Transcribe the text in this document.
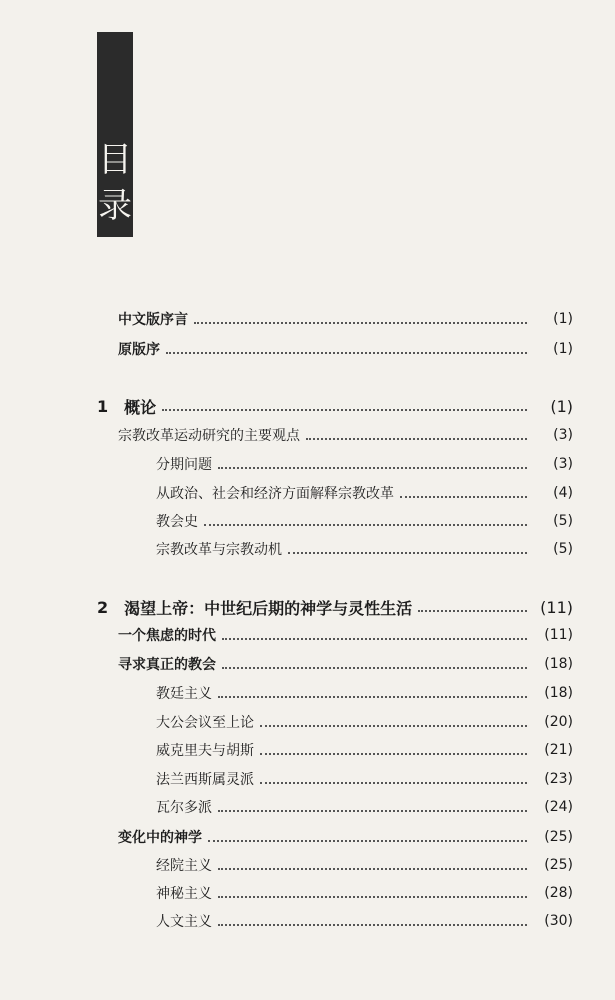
目
录
中文版序言	(1)
原版序	(1)
1 概论	(1)
宗教改革运动研究的主要观点	(3)
分期问题	(3)
从政治、社会和经济方面解释宗教改革	(4)
教会史	(5)
宗教改革与宗教动机	(5)
2 渴望上帝：中世纪后期的神学与灵性生活	(11)
一个焦虑的时代	(11)
寻求真正的教会	(18)
教廷主义	(18)
大公会议至上论	(20)
威克里夫与胡斯	(21)
法兰西斯属灵派	(23)
瓦尔多派	(24)
变化中的神学	(25)
经院主义	(25)
神秘主义	(28)
人文主义	(30)
